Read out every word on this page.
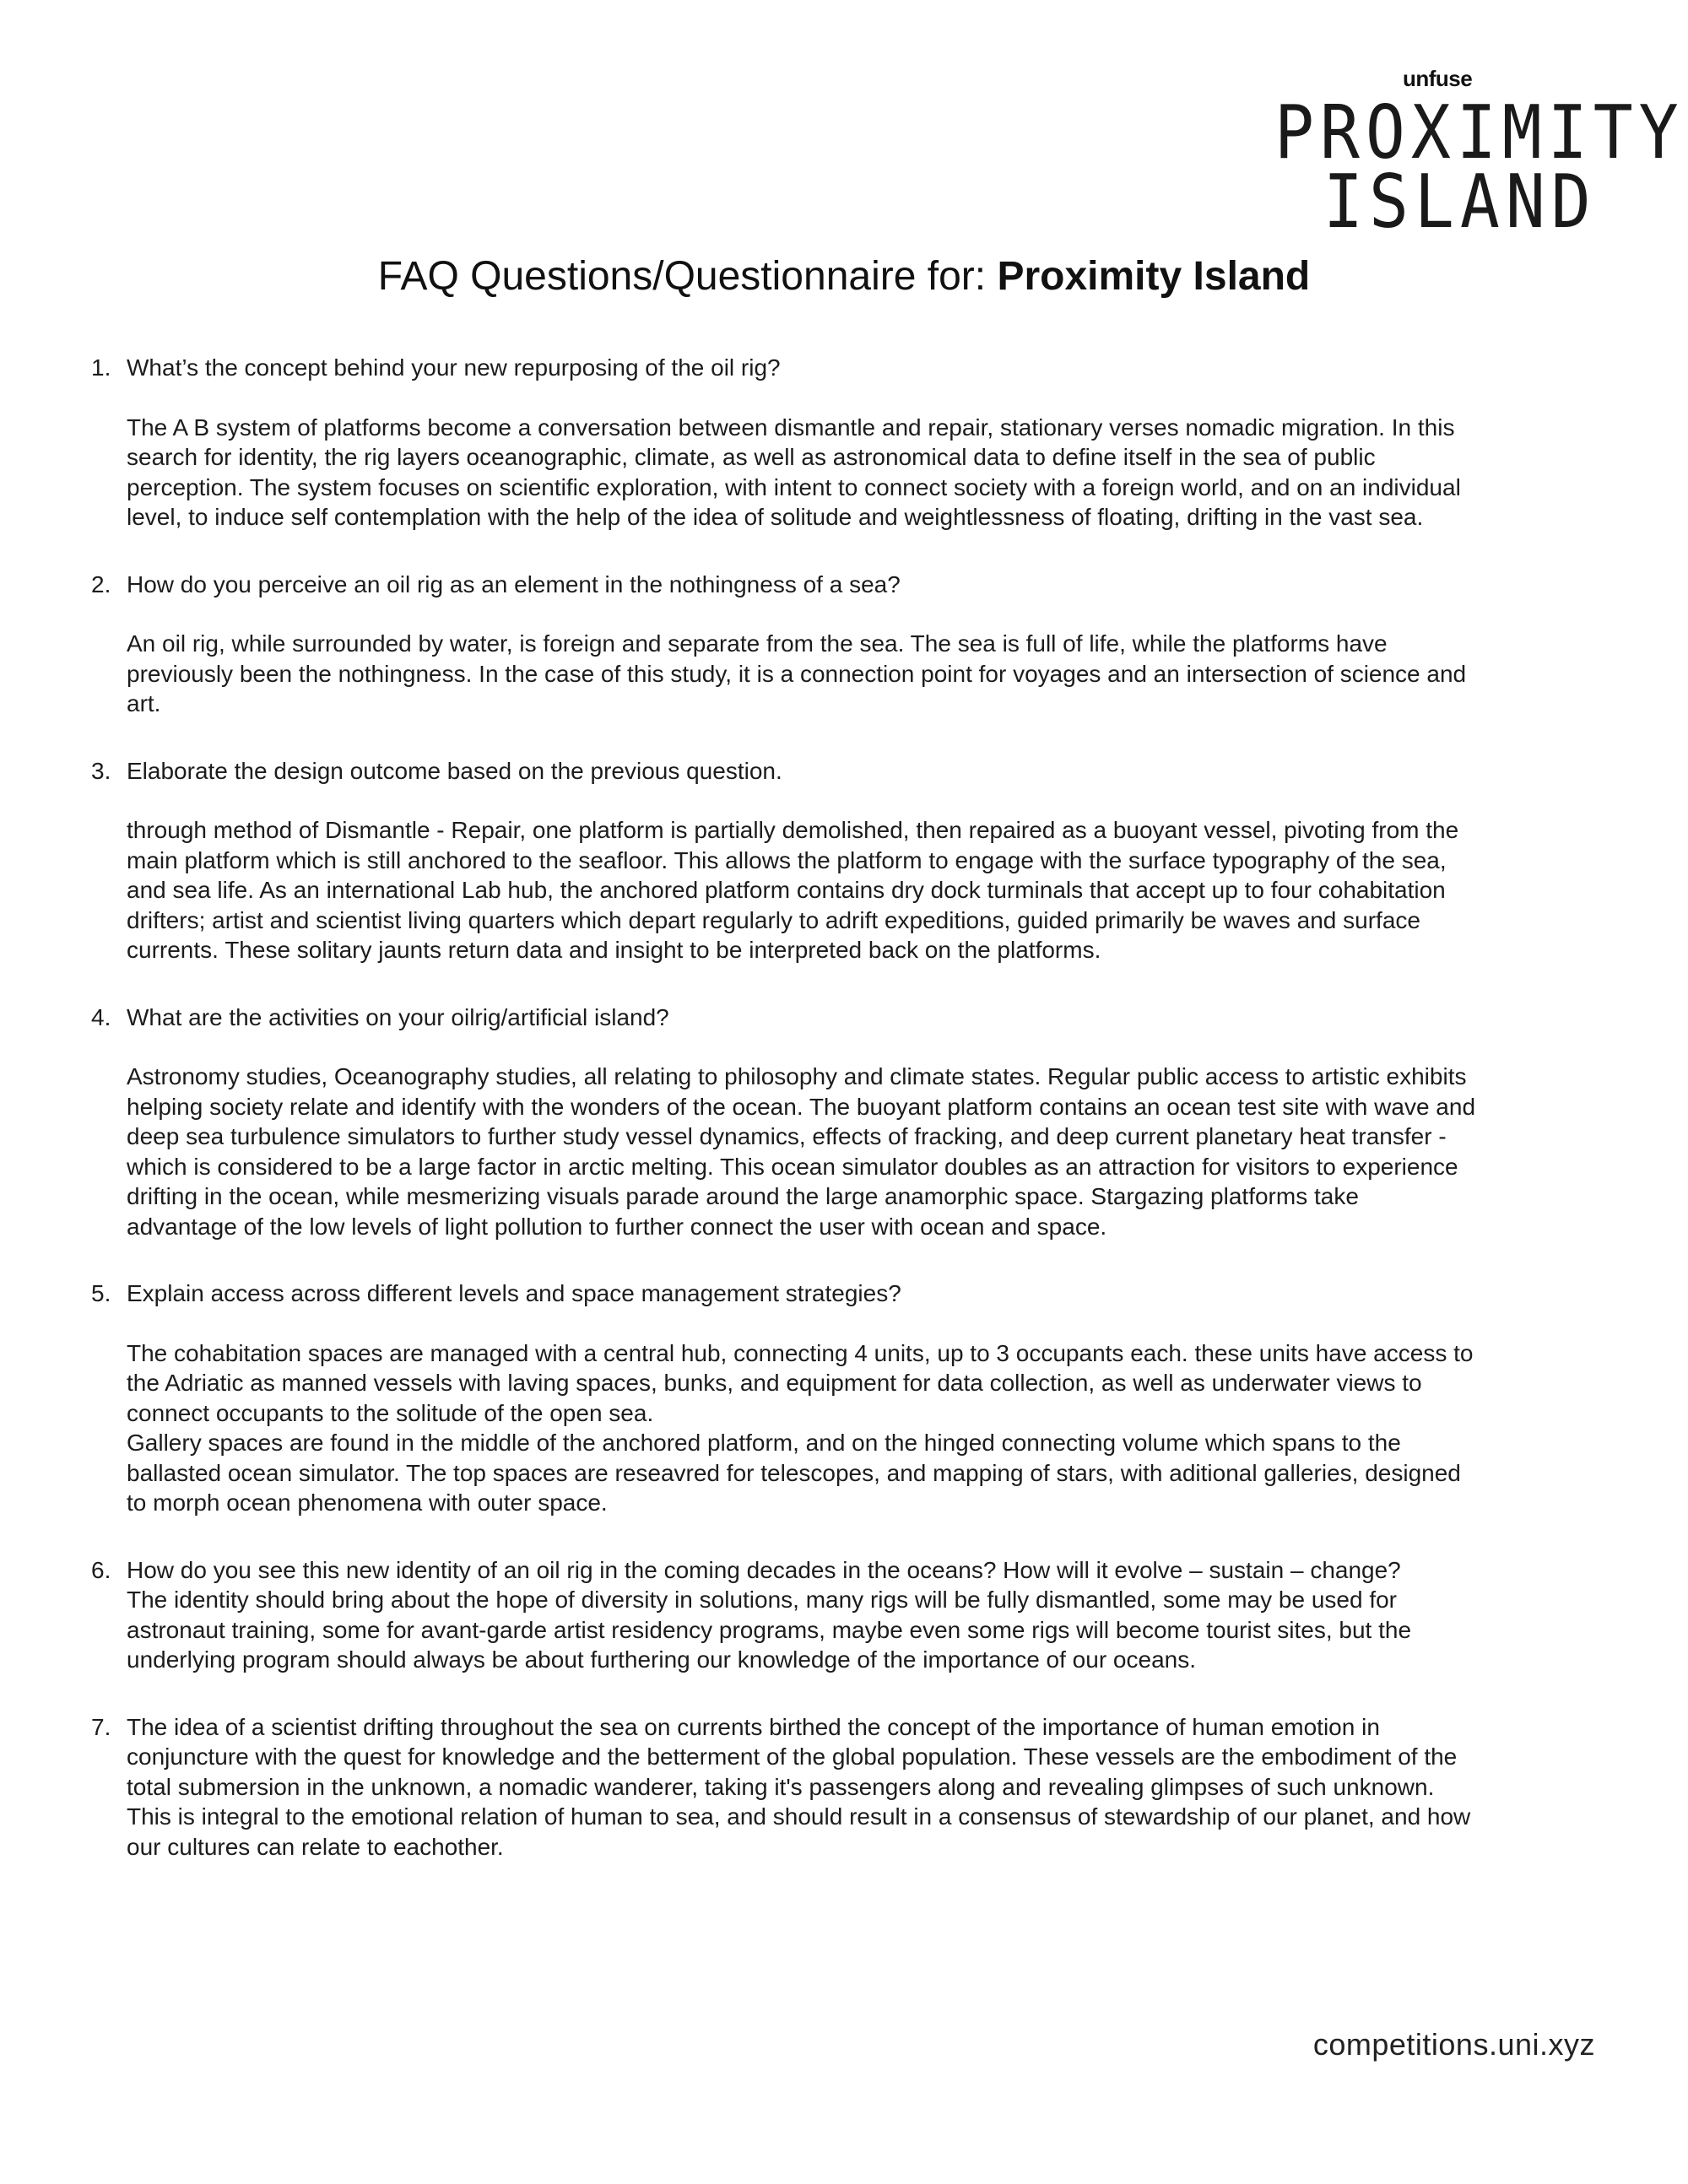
unfuse
PROXIMITY
ISLAND
FAQ Questions/Questionnaire for: Proximity Island
1. What’s the concept behind your new repurposing of the oil rig?
The A B system of platforms become a conversation between dismantle and repair, stationary verses nomadic migration. In this search for identity, the rig layers oceanographic, climate, as well as astronomical data to define itself in the sea of public perception. The system focuses on scientific exploration, with intent to connect society with a foreign world, and on an individual level, to induce self contemplation with the help of the idea of solitude and weightlessness of floating, drifting in the vast sea.
2. How do you perceive an oil rig as an element in the nothingness of a sea?
An oil rig, while surrounded by water, is foreign and separate from the sea. The sea is full of life, while the platforms have previously been the nothingness. In the case of this study, it is a connection point for voyages and an intersection of science and art.
3. Elaborate the design outcome based on the previous question.
through method of Dismantle - Repair, one platform is partially demolished, then repaired as a buoyant vessel, pivoting from the main platform which is still anchored to the seafloor. This allows the platform to engage with the surface typography of the sea, and sea life. As an international Lab hub, the anchored platform contains dry dock turminals that accept up to four cohabitation drifters; artist and scientist living quarters which depart regularly to adrift expeditions, guided primarily be waves and surface currents. These solitary jaunts return data and insight to be interpreted back on the platforms.
4. What are the activities on your oilrig/artificial island?
Astronomy studies, Oceanography studies, all relating to philosophy and climate states. Regular public access to artistic exhibits helping society relate and identify with the wonders of the ocean. The buoyant platform contains an ocean test site with wave and deep sea turbulence simulators to further study vessel dynamics, effects of fracking, and deep current planetary heat transfer - which is considered to be a large factor in arctic melting. This ocean simulator doubles as an attraction for visitors to experience drifting in the ocean, while mesmerizing visuals parade around the large anamorphic space. Stargazing platforms take advantage of the low levels of light pollution to further connect the user with ocean and space.
5. Explain access across different levels and space management strategies?
The cohabitation spaces are managed with a central hub, connecting 4 units, up to 3 occupants each. these units have access to the Adriatic as manned vessels with laving spaces, bunks, and equipment for data collection, as well as underwater views to connect occupants to the solitude of the open sea.
Gallery spaces are found in the middle of the anchored platform, and on the hinged connecting volume which spans to the ballasted ocean simulator. The top spaces are reseavred for telescopes, and mapping of stars, with aditional galleries, designed to morph ocean phenomena with outer space.
6. How do you see this new identity of an oil rig in the coming decades in the oceans? How will it evolve – sustain – change?
The identity should bring about the hope of diversity in solutions, many rigs will be fully dismantled, some may be used for astronaut training, some for avant-garde artist residency programs, maybe even some rigs will become tourist sites, but the underlying program should always be about furthering our knowledge of the importance of our oceans.
7. The idea of a scientist drifting throughout the sea on currents birthed the concept of the importance of human emotion in conjuncture with the quest for knowledge and the betterment of the global population. These vessels are the embodiment of the total submersion in the unknown, a nomadic wanderer, taking it's passengers along and revealing glimpses of such unknown. This is integral to the emotional relation of human to sea, and should result in a consensus of stewardship of our planet, and how our cultures can relate to eachother.
competitions.uni.xyz
